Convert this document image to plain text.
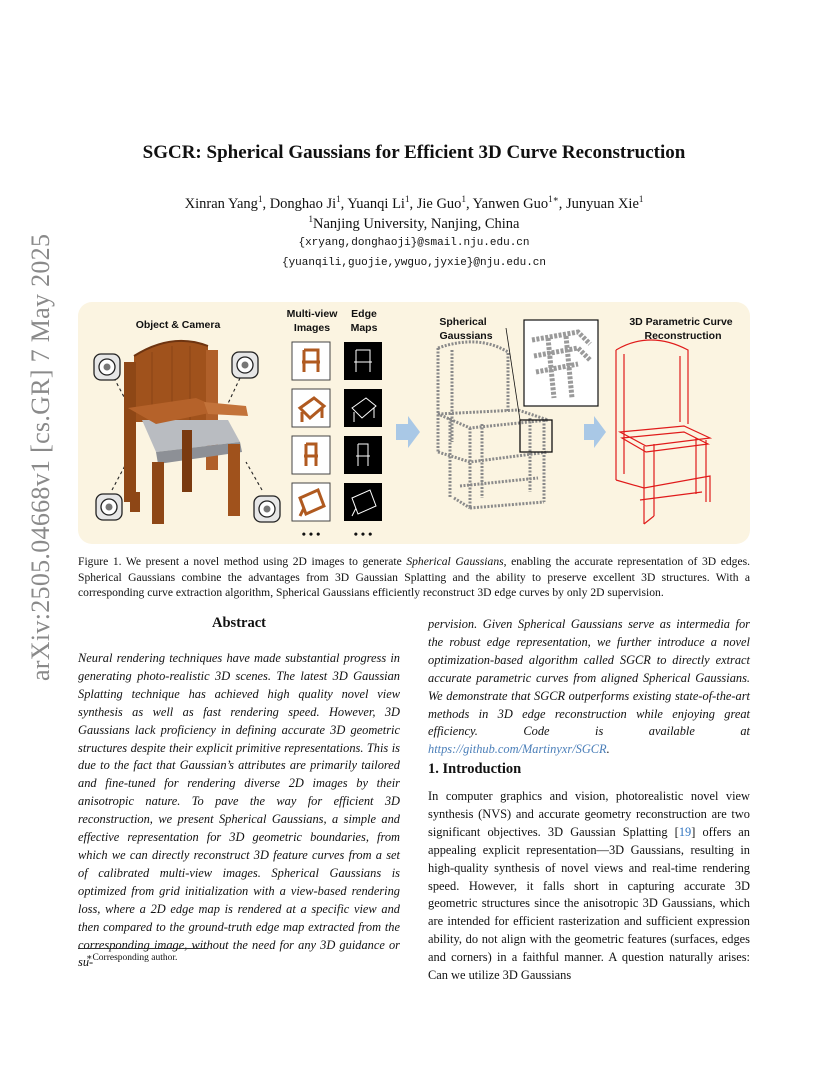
arXiv:2505.04668v1 [cs.GR] 7 May 2025
SGCR: Spherical Gaussians for Efficient 3D Curve Reconstruction
Xinran Yang$^1$, Donghao Ji$^1$, Yuanqi Li$^1$, Jie Guo$^1$, Yanwen Guo$^{1∗}$, Junyuan Xie$^1$
$^1$Nanjing University, Nanjing, China
{xryang,donghaoji}@smail.nju.edu.cn
{yuanqili,guojie,ywguo,jyxie}@nju.edu.cn
Object & Camera
Multi-view
Images
Edge
Maps	Spherical
Gaussians
3D Parametric Curve
Reconstruction
• • •	• • •
Figure 1. We present a novel method using 2D images to generate Spherical Gaussians, enabling the accurate representation of 3D edges. Spherical Gaussians combine the advantages from 3D Gaussian Splatting and the ability to preserve excellent 3D structures. With a corresponding curve extraction algorithm, Spherical Gaussians efficiently reconstruct 3D edge curves by only 2D supervision.
Abstract
Neural rendering techniques have made substantial progress in generating photo-realistic 3D scenes. The latest 3D Gaussian Splatting technique has achieved high quality novel view synthesis as well as fast rendering speed. However, 3D Gaussians lack proficiency in defining accurate 3D geometric structures despite their explicit primitive representations. This is due to the fact that Gaussian’s attributes are primarily tailored and fine-tuned for rendering diverse 2D images by their anisotropic nature. To pave the way for efficient 3D reconstruction, we present Spherical Gaussians, a simple and effective representation for 3D geometric boundaries, from which we can directly reconstruct 3D feature curves from a set of calibrated multi-view images. Spherical Gaussians is optimized from grid initialization with a view-based rendering loss, where a 2D edge map is rendered at a specific view and then compared to the ground-truth edge map extracted from the corresponding image, without the need for any 3D guidance or su-
pervision. Given Spherical Gaussians serve as intermedia for the robust edge representation, we further introduce a novel optimization-based algorithm called SGCR to directly extract accurate parametric curves from aligned Spherical Gaussians. We demonstrate that SGCR outperforms existing state-of-the-art methods in 3D edge reconstruction while enjoying great efficiency. Code is available at https://github.com/Martinyxr/SGCR.
1. Introduction
In computer graphics and vision, photorealistic novel view synthesis (NVS) and accurate geometry reconstruction are two significant objectives. 3D Gaussian Splatting [19] offers an appealing explicit representation—3D Gaussians, resulting in high-quality synthesis of novel views and real-time rendering speed. However, it falls short in capturing accurate 3D geometric structures since the anisotropic 3D Gaussians, which are intended for efficient rasterization and sufficient expression ability, do not align with the geometric features (surfaces, edges and corners) in a faithful manner. A question naturally arises: Can we utilize 3D Gaussians
∗Corresponding author.
